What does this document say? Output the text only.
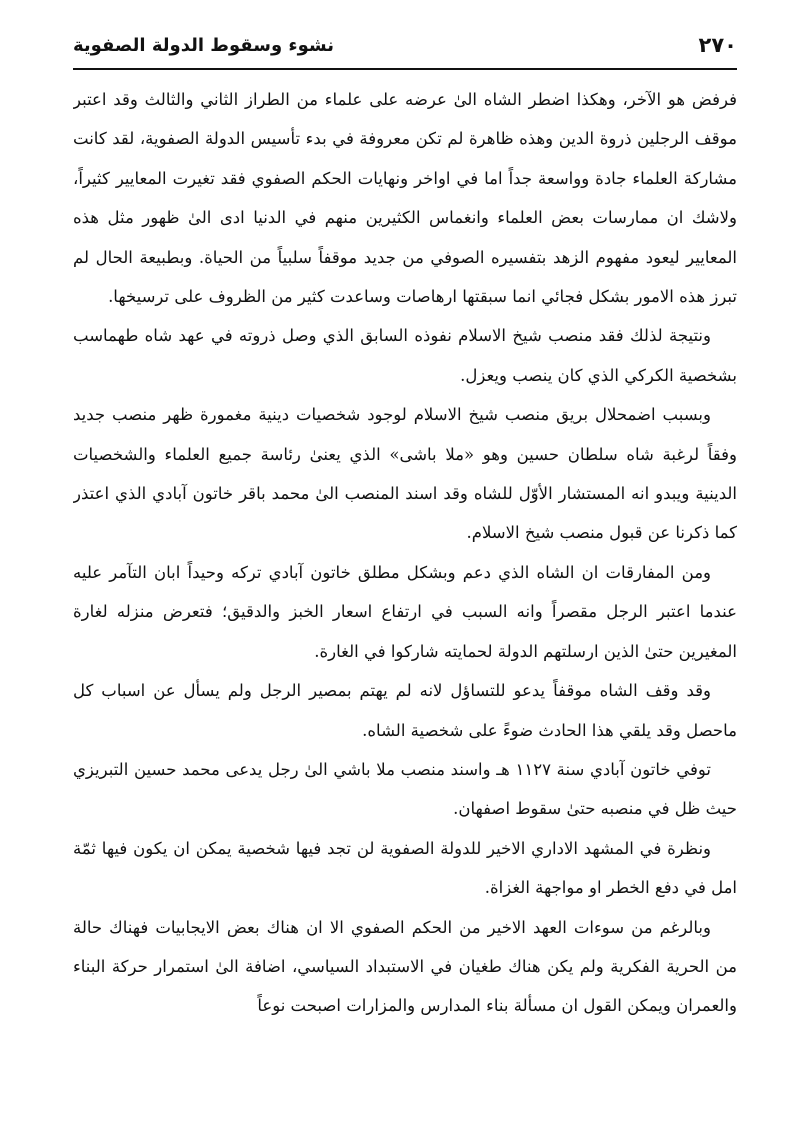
نشوء وسقوط الدولة الصفوية	٢٧٠

فرفض هو الآخر، وهكذا اضطر الشاه الىٰ عرضه على علماء من الطراز الثاني والثالث وقد اعتبر موقف الرجلين ذروة الدين وهذه ظاهرة لم تكن معروفة في بدء تأسيس الدولة الصفوية، لقد كانت مشاركة العلماء جادة وواسعة جداً اما في اواخر ونهايات الحكم الصفوي فقد تغيرت المعايير كثيراً، ولاشك ان ممارسات بعض العلماء وانغماس الكثيرين منهم في الدنيا ادى الىٰ ظهور مثل هذه المعايير ليعود مفهوم الزهد بتفسيره الصوفي من جديد موقفاً سلبياً من الحياة. وبطبيعة الحال لم تبرز هذه الامور بشكل فجائي انما سبقتها ارهاصات وساعدت كثير من الظروف على ترسيخها.

ونتيجة لذلك فقد منصب شيخ الاسلام نفوذه السابق الذي وصل ذروته في عهد شاه طهماسب بشخصية الكركي الذي كان ينصب ويعزل.

وبسبب اضمحلال بريق منصب شيخ الاسلام لوجود شخصيات دينية مغمورة ظهر منصب جديد وفقاً لرغبة شاه سلطان حسين وهو «ملا باشى» الذي يعنىٰ رئاسة جميع العلماء والشخصيات الدينية ويبدو انه المستشار الأوّل للشاه وقد اسند المنصب الىٰ محمد باقر خاتون آبادي الذي اعتذر كما ذكرنا عن قبول منصب شيخ الاسلام.

ومن المفارقات ان الشاه الذي دعم وبشكل مطلق خاتون آبادي تركه وحيداً ابان التآمر عليه عندما اعتبر الرجل مقصراً وانه السبب في ارتفاع اسعار الخبز والدقيق؛ فتعرض منزله لغارة المغيرين حتىٰ الذين ارسلتهم الدولة لحمايته شاركوا في الغارة.

وقد وقف الشاه موقفاً يدعو للتساؤل لانه لم يهتم بمصير الرجل ولم يسأل عن اسباب كل ماحصل وقد يلقي هذا الحادث ضوءً على شخصية الشاه.

توفي خاتون آبادي سنة ١١٢٧ هـ واسند منصب ملا باشي الىٰ رجل يدعى محمد حسين التبريزي حيث ظل في منصبه حتىٰ سقوط اصفهان.

ونظرة في المشهد الاداري الاخير للدولة الصفوية لن تجد فيها شخصية يمكن ان يكون فيها ثمّة امل في دفع الخطر او مواجهة الغزاة.

وبالرغم من سوءات العهد الاخير من الحكم الصفوي الا ان هناك بعض الايجابيات فهناك حالة من الحرية الفكرية ولم يكن هناك طغيان في الاستبداد السياسي، اضافة الىٰ استمرار حركة البناء والعمران ويمكن القول ان مسألة بناء المدارس والمزارات اصبحت نوعاً
